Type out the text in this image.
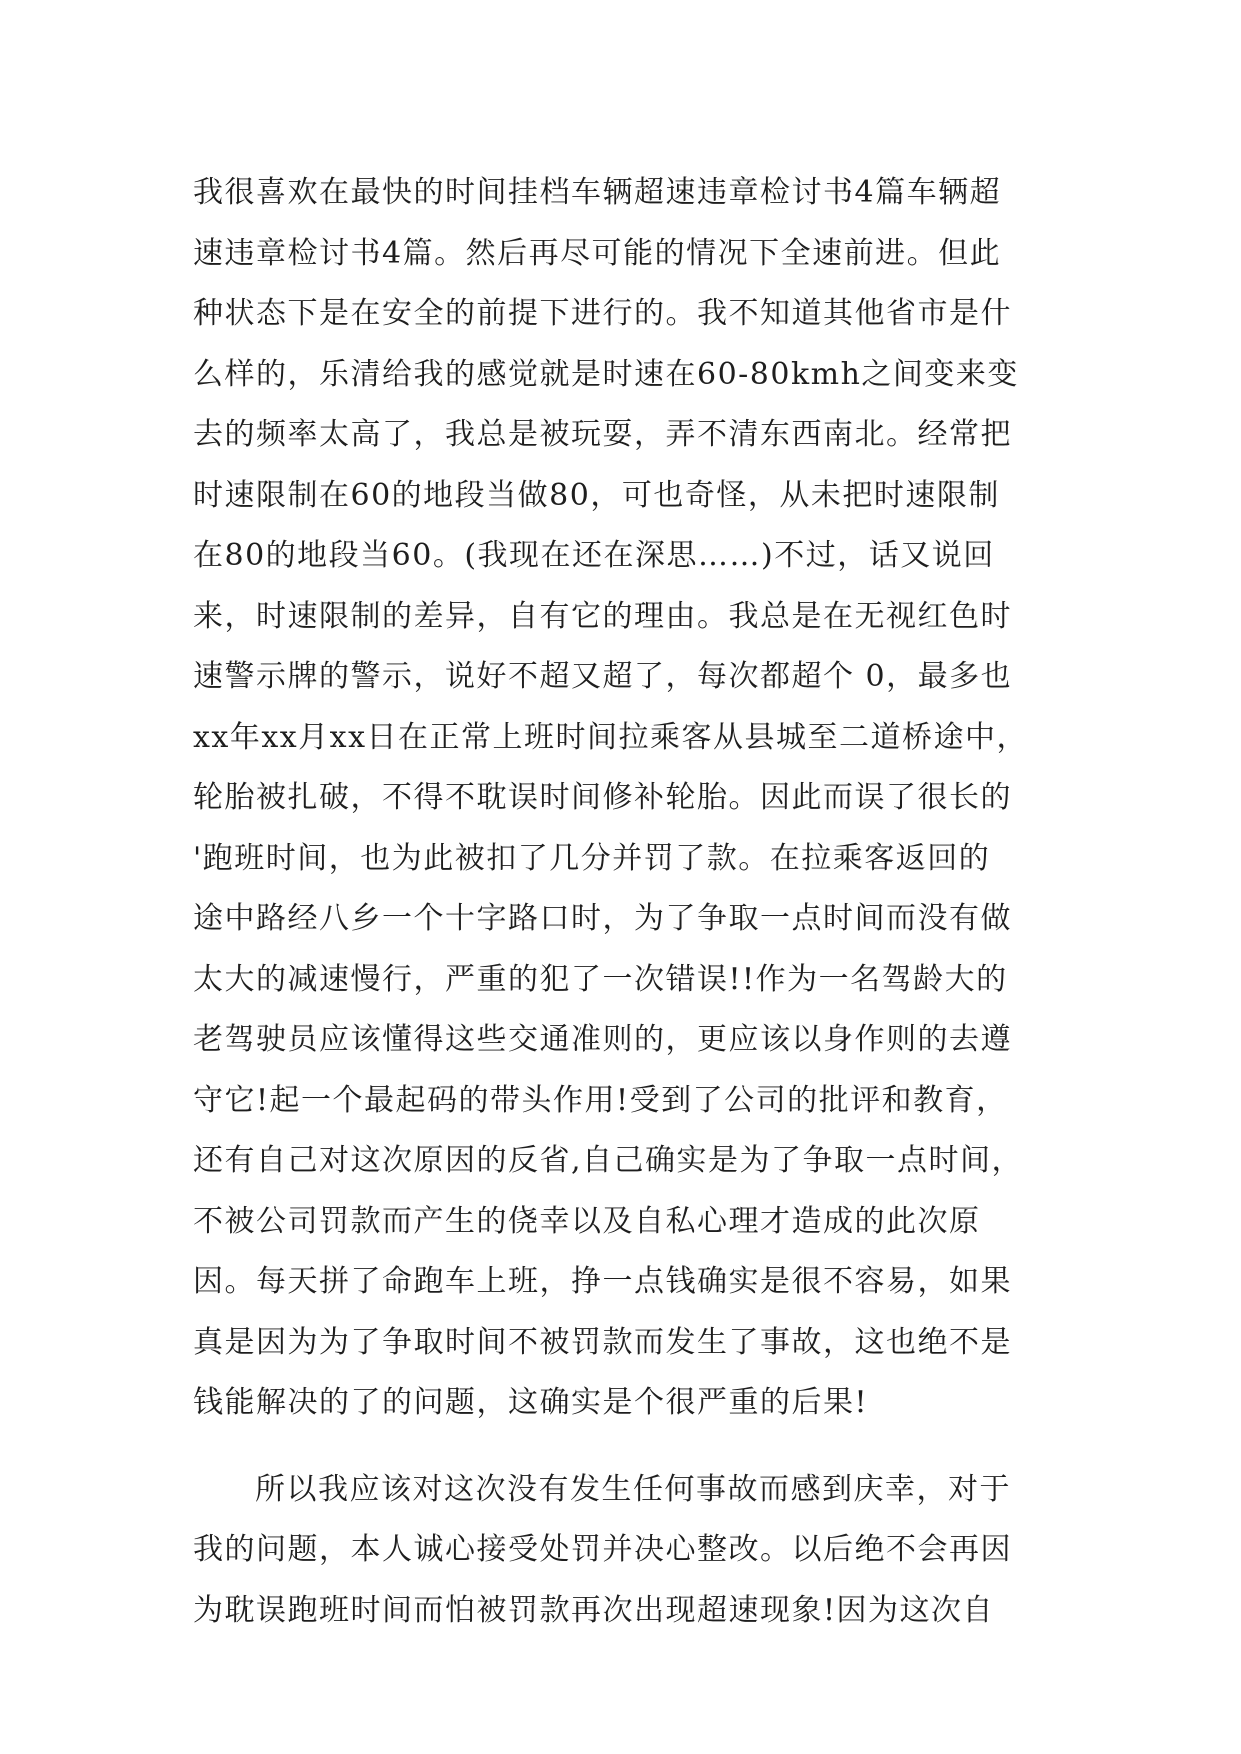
我很喜欢在最快的时间挂档车辆超速违章检讨书4篇车辆超
速违章检讨书4篇。然后再尽可能的情况下全速前进。但此
种状态下是在安全的前提下进行的。我不知道其他省市是什
么样的，乐清给我的感觉就是时速在60-80kmh之间变来变
去的频率太高了，我总是被玩耍，弄不清东西南北。经常把
时速限制在60的地段当做80，可也奇怪，从未把时速限制
在80的地段当60。(我现在还在深思……)不过，话又说回
来，时速限制的差异，自有它的理由。我总是在无视红色时
速警示牌的警示，说好不超又超了，每次都超个 0，最多也
xx年xx月xx日在正常上班时间拉乘客从县城至二道桥途中，
轮胎被扎破，不得不耽误时间修补轮胎。因此而误了很长的
'跑班时间，也为此被扣了几分并罚了款。在拉乘客返回的
途中路经八乡一个十字路口时，为了争取一点时间而没有做
太大的减速慢行，严重的犯了一次错误!!作为一名驾龄大的
老驾驶员应该懂得这些交通准则的，更应该以身作则的去遵
守它!起一个最起码的带头作用!受到了公司的批评和教育，
还有自己对这次原因的反省,自己确实是为了争取一点时间，
不被公司罚款而产生的侥幸以及自私心理才造成的此次原
因。每天拼了命跑车上班，挣一点钱确实是很不容易，如果
真是因为为了争取时间不被罚款而发生了事故，这也绝不是
钱能解决的了的问题，这确实是个很严重的后果!
所以我应该对这次没有发生任何事故而感到庆幸，对于
我的问题，本人诚心接受处罚并决心整改。以后绝不会再因
为耽误跑班时间而怕被罚款再次出现超速现象!因为这次自
